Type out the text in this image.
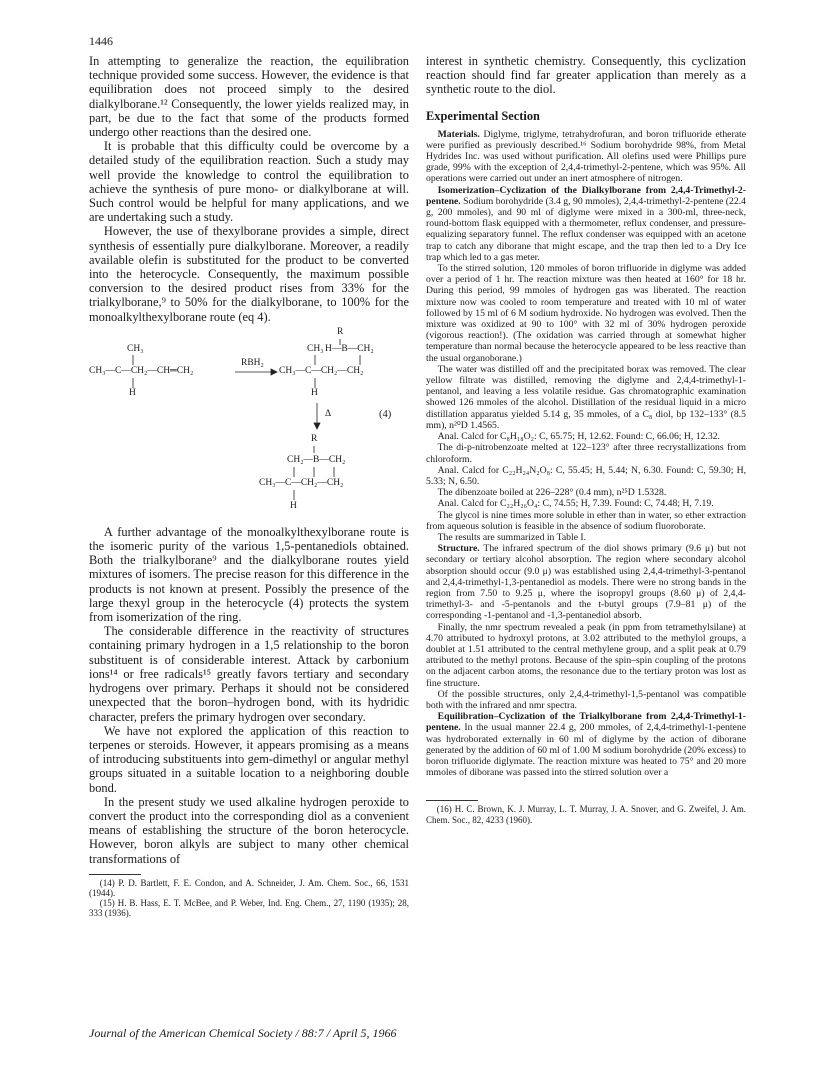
1446

In attempting to generalize the reaction, the equilibration technique provided some success. However, the evidence is that equilibration does not proceed simply to the desired dialkylborane.¹² Consequently, the lower yields realized may, in part, be due to the fact that some of the products formed undergo other reactions than the desired one.

It is probable that this difficulty could be overcome by a detailed study of the equilibration reaction. Such a study may well provide the knowledge to control the equilibration to achieve the synthesis of pure mono- or dialkylborane at will. Such control would be helpful for many applications, and we are undertaking such a study.

However, the use of thexylborane provides a simple, direct synthesis of essentially pure dialkylborane. Moreover, a readily available olefin is substituted for the product to be converted into the heterocycle. Consequently, the maximum possible conversion to the desired product rises from 33% for the trialkylborane,⁹ to 50% for the dialkylborane, to 100% for the monoalkylthexylborane route (eq 4).

R
CH₃	CH₃ H—B—CH₂
RBH₂
CH₃—C—CH₂—CH═CH₂	CH₃—C—CH₂—CH₂
H	H
Δ	(4)
R
CH₂—B—CH₂
CH₃—C—CH₂—CH₂
H

A further advantage of the monoalkylthexylborane route is the isomeric purity of the various 1,5-pentanediols obtained. Both the trialkylborane⁹ and the dialkylborane routes yield mixtures of isomers. The precise reason for this difference in the products is not known at present. Possibly the presence of the large thexyl group in the heterocycle (4) protects the system from isomerization of the ring.

The considerable difference in the reactivity of structures containing primary hydrogen in a 1,5 relationship to the boron substituent is of considerable interest. Attack by carbonium ions¹⁴ or free radicals¹⁵ greatly favors tertiary and secondary hydrogens over primary. Perhaps it should not be considered unexpected that the boron–hydrogen bond, with its hydridic character, prefers the primary hydrogen over secondary.

We have not explored the application of this reaction to terpenes or steroids. However, it appears promising as a means of introducing substituents into gem-dimethyl or angular methyl groups situated in a suitable location to a neighboring double bond.

In the present study we used alkaline hydrogen peroxide to convert the product into the corresponding diol as a convenient means of establishing the structure of the boron heterocycle. However, boron alkyls are subject to many other chemical transformations of

(14) P. D. Bartlett, F. E. Condon, and A. Schneider, J. Am. Chem. Soc., 66, 1531 (1944).

(15) H. B. Hass, E. T. McBee, and P. Weber, Ind. Eng. Chem., 27, 1190 (1935); 28, 333 (1936).

interest in synthetic chemistry. Consequently, this cyclization reaction should find far greater application than merely as a synthetic route to the diol.

Experimental Section

Materials. Diglyme, triglyme, tetrahydrofuran, and boron trifluoride etherate were purified as previously described.¹⁶ Sodium borohydride 98%, from Metal Hydrides Inc. was used without purification. All olefins used were Phillips pure grade, 99% with the exception of 2,4,4-trimethyl-2-pentene, which was 95%. All operations were carried out under an inert atmosphere of nitrogen.

Isomerization–Cyclization of the Dialkylborane from 2,4,4-Trimethyl-2-pentene. Sodium borohydride (3.4 g, 90 mmoles), 2,4,4-trimethyl-2-pentene (22.4 g, 200 mmoles), and 90 ml of diglyme were mixed in a 300-ml, three-neck, round-bottom flask equipped with a thermometer, reflux condenser, and pressure-equalizing separatory funnel. The reflux condenser was equipped with an acetone trap to catch any diborane that might escape, and the trap then led to a Dry Ice trap which led to a gas meter.

To the stirred solution, 120 mmoles of boron trifluoride in diglyme was added over a period of 1 hr. The reaction mixture was then heated at 160° for 18 hr. During this period, 99 mmoles of hydrogen gas was liberated. The reaction mixture now was cooled to room temperature and treated with 10 ml of water followed by 15 ml of 6 M sodium hydroxide. No hydrogen was evolved. Then the mixture was oxidized at 90 to 100° with 32 ml of 30% hydrogen peroxide (vigorous reaction!). (The oxidation was carried through at somewhat higher temperature than normal because the heterocycle appeared to be less reactive than the usual organoborane.)

The water was distilled off and the precipitated borax was removed. The clear yellow filtrate was distilled, removing the diglyme and 2,4,4-trimethyl-1-pentanol, and leaving a less volatile residue. Gas chromatographic examination showed 126 mmoles of the alcohol. Distillation of the residual liquid in a micro distillation apparatus yielded 5.14 g, 35 mmoles, of a C₈ diol, bp 132–133° (8.5 mm), n²⁰D 1.4565.

Anal. Calcd for C₈H₁₈O₂: C, 65.75; H, 12.62. Found: C, 66.06; H, 12.32.

The di-p-nitrobenzoate melted at 122–123° after three recrystallizations from chloroform.

Anal. Calcd for C₂₂H₂₄N₂O₈: C, 55.45; H, 5.44; N, 6.30. Found: C, 59.30; H, 5.33; N, 6.50.

The dibenzoate boiled at 226–228° (0.4 mm), n²⁵D 1.5328.

Anal. Calcd for C₂₂H₂₆O₄: C, 74.55; H, 7.39. Found: C, 74.48; H, 7.19.

The glycol is nine times more soluble in ether than in water, so ether extraction from aqueous solution is feasible in the absence of sodium fluoroborate.

The results are summarized in Table I.

Structure. The infrared spectrum of the diol shows primary (9.6 μ) but not secondary or tertiary alcohol absorption. The region where secondary alcohol absorption should occur (9.0 μ) was established using 2,4,4-trimethyl-3-pentanol and 2,4,4-trimethyl-1,3-pentanediol as models. There were no strong bands in the region from 7.50 to 9.25 μ, where the isopropyl groups (8.60 μ) of 2,4,4-trimethyl-3- and -5-pentanols and the t-butyl groups (7.9–81 μ) of the corresponding -1-pentanol and -1,3-pentanediol absorb.

Finally, the nmr spectrum revealed a peak (in ppm from tetramethylsilane) at 4.70 attributed to hydroxyl protons, at 3.02 attributed to the methylol groups, a doublet at 1.51 attributed to the central methylene group, and a split peak at 0.79 attributed to the methyl protons. Because of the spin–spin coupling of the protons on the adjacent carbon atoms, the resonance due to the tertiary proton was lost as fine structure.

Of the possible structures, only 2,4,4-trimethyl-1,5-pentanol was compatible both with the infrared and nmr spectra.

Equilibration–Cyclization of the Trialkylborane from 2,4,4-Trimethyl-1-pentene. In the usual manner 22.4 g, 200 mmoles, of 2,4,4-trimethyl-1-pentene was hydroborated externally in 60 ml of diglyme by the action of diborane generated by the addition of 60 ml of 1.00 M sodium borohydride (20% excess) to boron trifluoride diglymate. The reaction mixture was heated to 75° and 20 more mmoles of diborane was passed into the stirred solution over a

(16) H. C. Brown, K. J. Murray, L. T. Murray, J. A. Snover, and G. Zweifel, J. Am. Chem. Soc., 82, 4233 (1960).

Journal of the American Chemical Society / 88:7 / April 5, 1966
